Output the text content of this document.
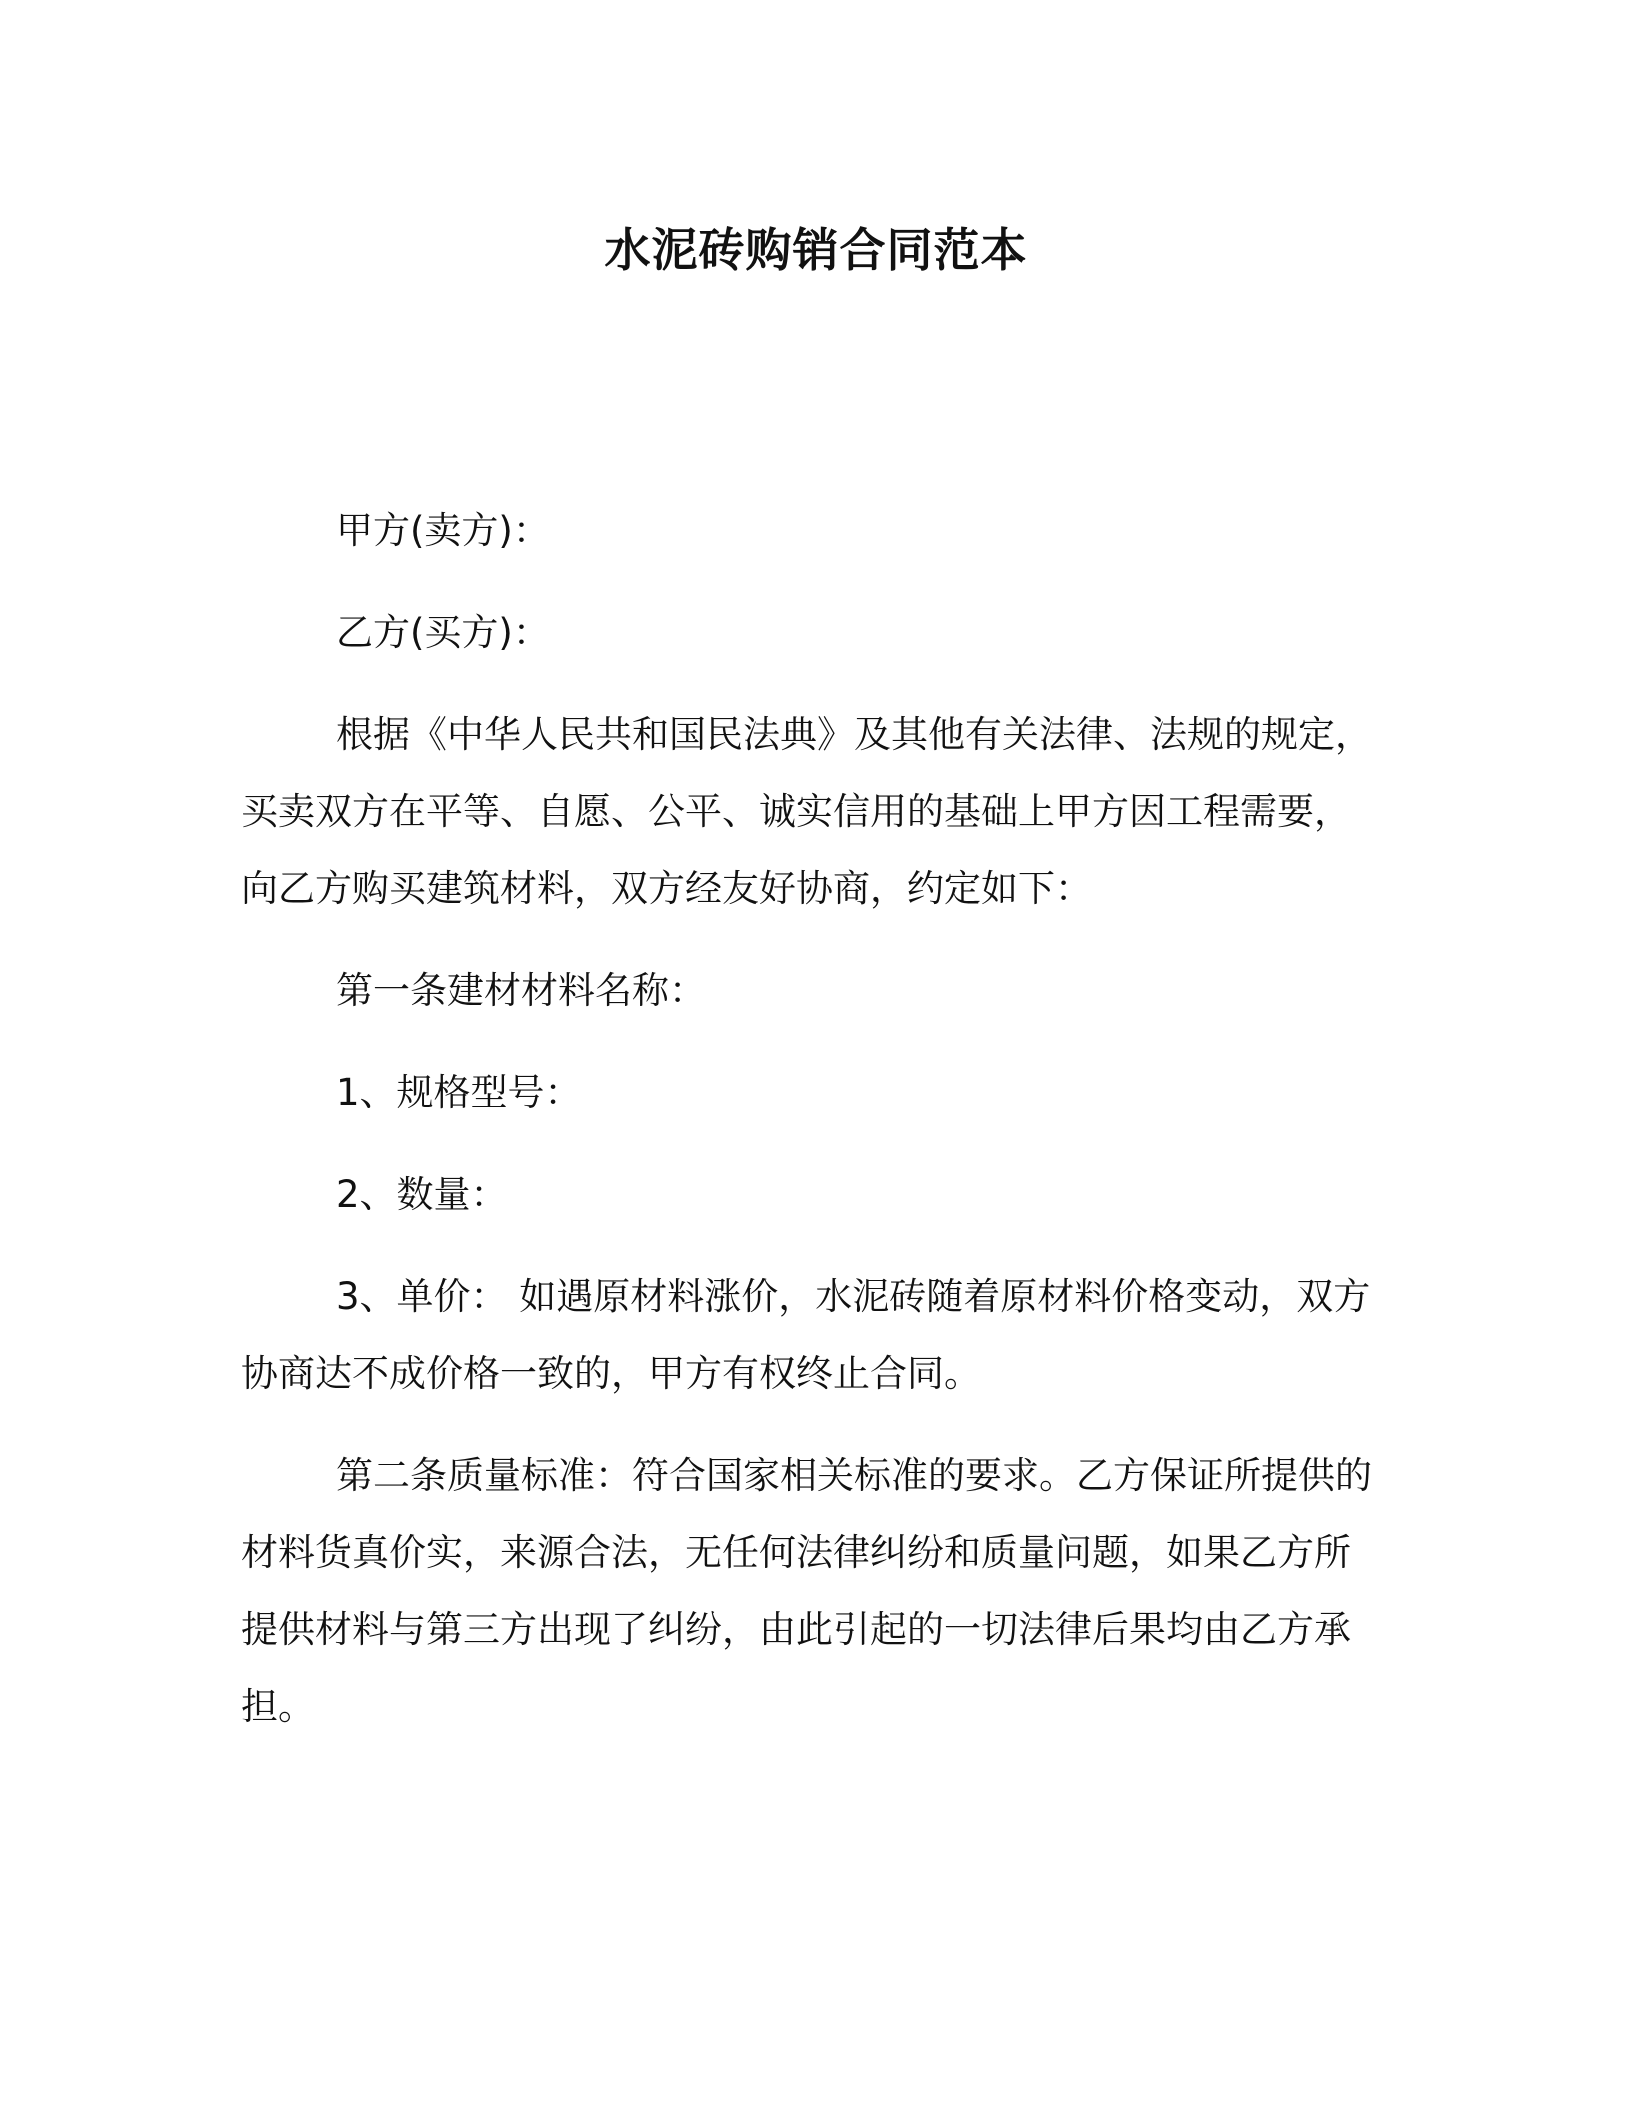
水泥砖购销合同范本
甲方(卖方)：
乙方(买方)：
根据《中华人民共和国民法典》及其他有关法律、法规的规定，
买卖双方在平等、自愿、公平、诚实信用的基础上甲方因工程需要，
向乙方购买建筑材料，双方经友好协商，约定如下：
第一条建材材料名称：
1、规格型号：
2、数量：
3、单价： 如遇原材料涨价，水泥砖随着原材料价格变动，双方
协商达不成价格一致的，甲方有权终止合同。
第二条质量标准：符合国家相关标准的要求。乙方保证所提供的
材料货真价实，来源合法，无任何法律纠纷和质量问题，如果乙方所
提供材料与第三方出现了纠纷，由此引起的一切法律后果均由乙方承
担。
